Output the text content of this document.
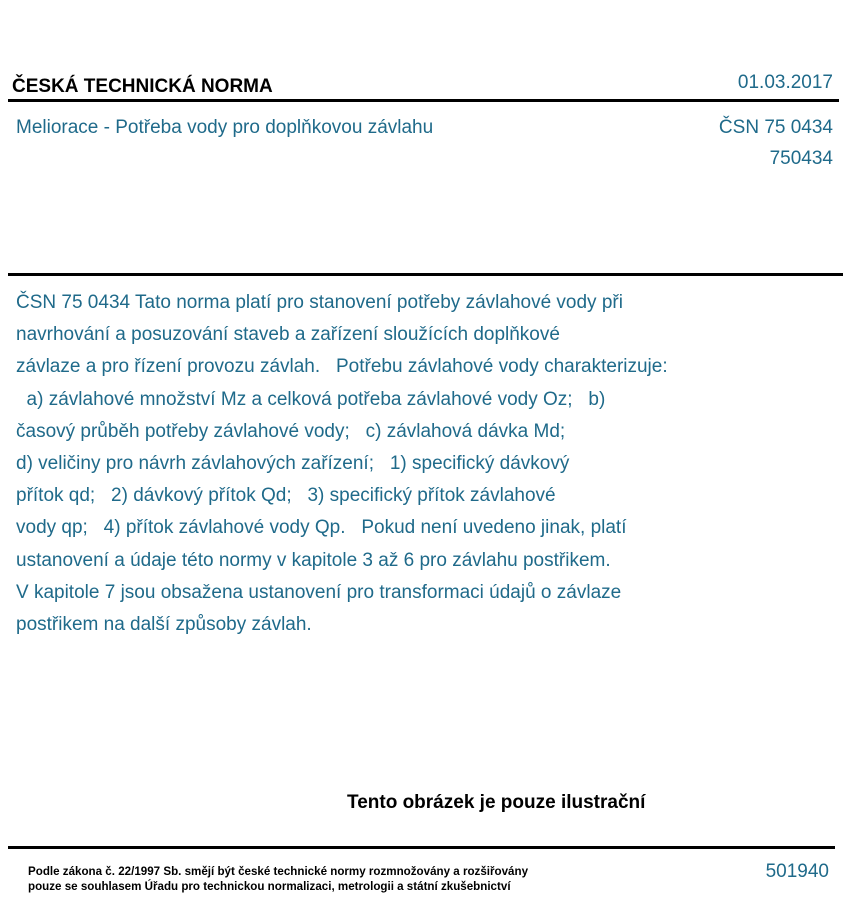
ČESKÁ TECHNICKÁ NORMA	01.03.2017
Meliorace - Potřeba vody pro doplňkovou závlahu	ČSN 75 0434
750434
ČSN 75 0434 Tato norma platí pro stanovení potřeby závlahové vody při
navrhování a posuzování staveb a zařízení sloužících doplňkové
závlaze a pro řízení provozu závlah.   Potřebu závlahové vody charakterizuje:
a) závlahové množství Mz a celková potřeba závlahové vody Oz;   b)
časový průběh potřeby závlahové vody;   c) závlahová dávka Md;
d) veličiny pro návrh závlahových zařízení;   1) specifický dávkový
přítok qd;   2) dávkový přítok Qd;   3) specifický přítok závlahové
vody qp;   4) přítok závlahové vody Qp.   Pokud není uvedeno jinak, platí
ustanovení a údaje této normy v kapitole 3 až 6 pro závlahu postřikem.
V kapitole 7 jsou obsažena ustanovení pro transformaci údajů o závlaze
postřikem na další způsoby závlah.
Tento obrázek je pouze ilustrační
Podle zákona č. 22/1997 Sb. smějí být české technické normy rozmnožovány a rozšiřovány
pouze se souhlasem Úřadu pro technickou normalizaci, metrologii a státní zkušebnictví
501940
